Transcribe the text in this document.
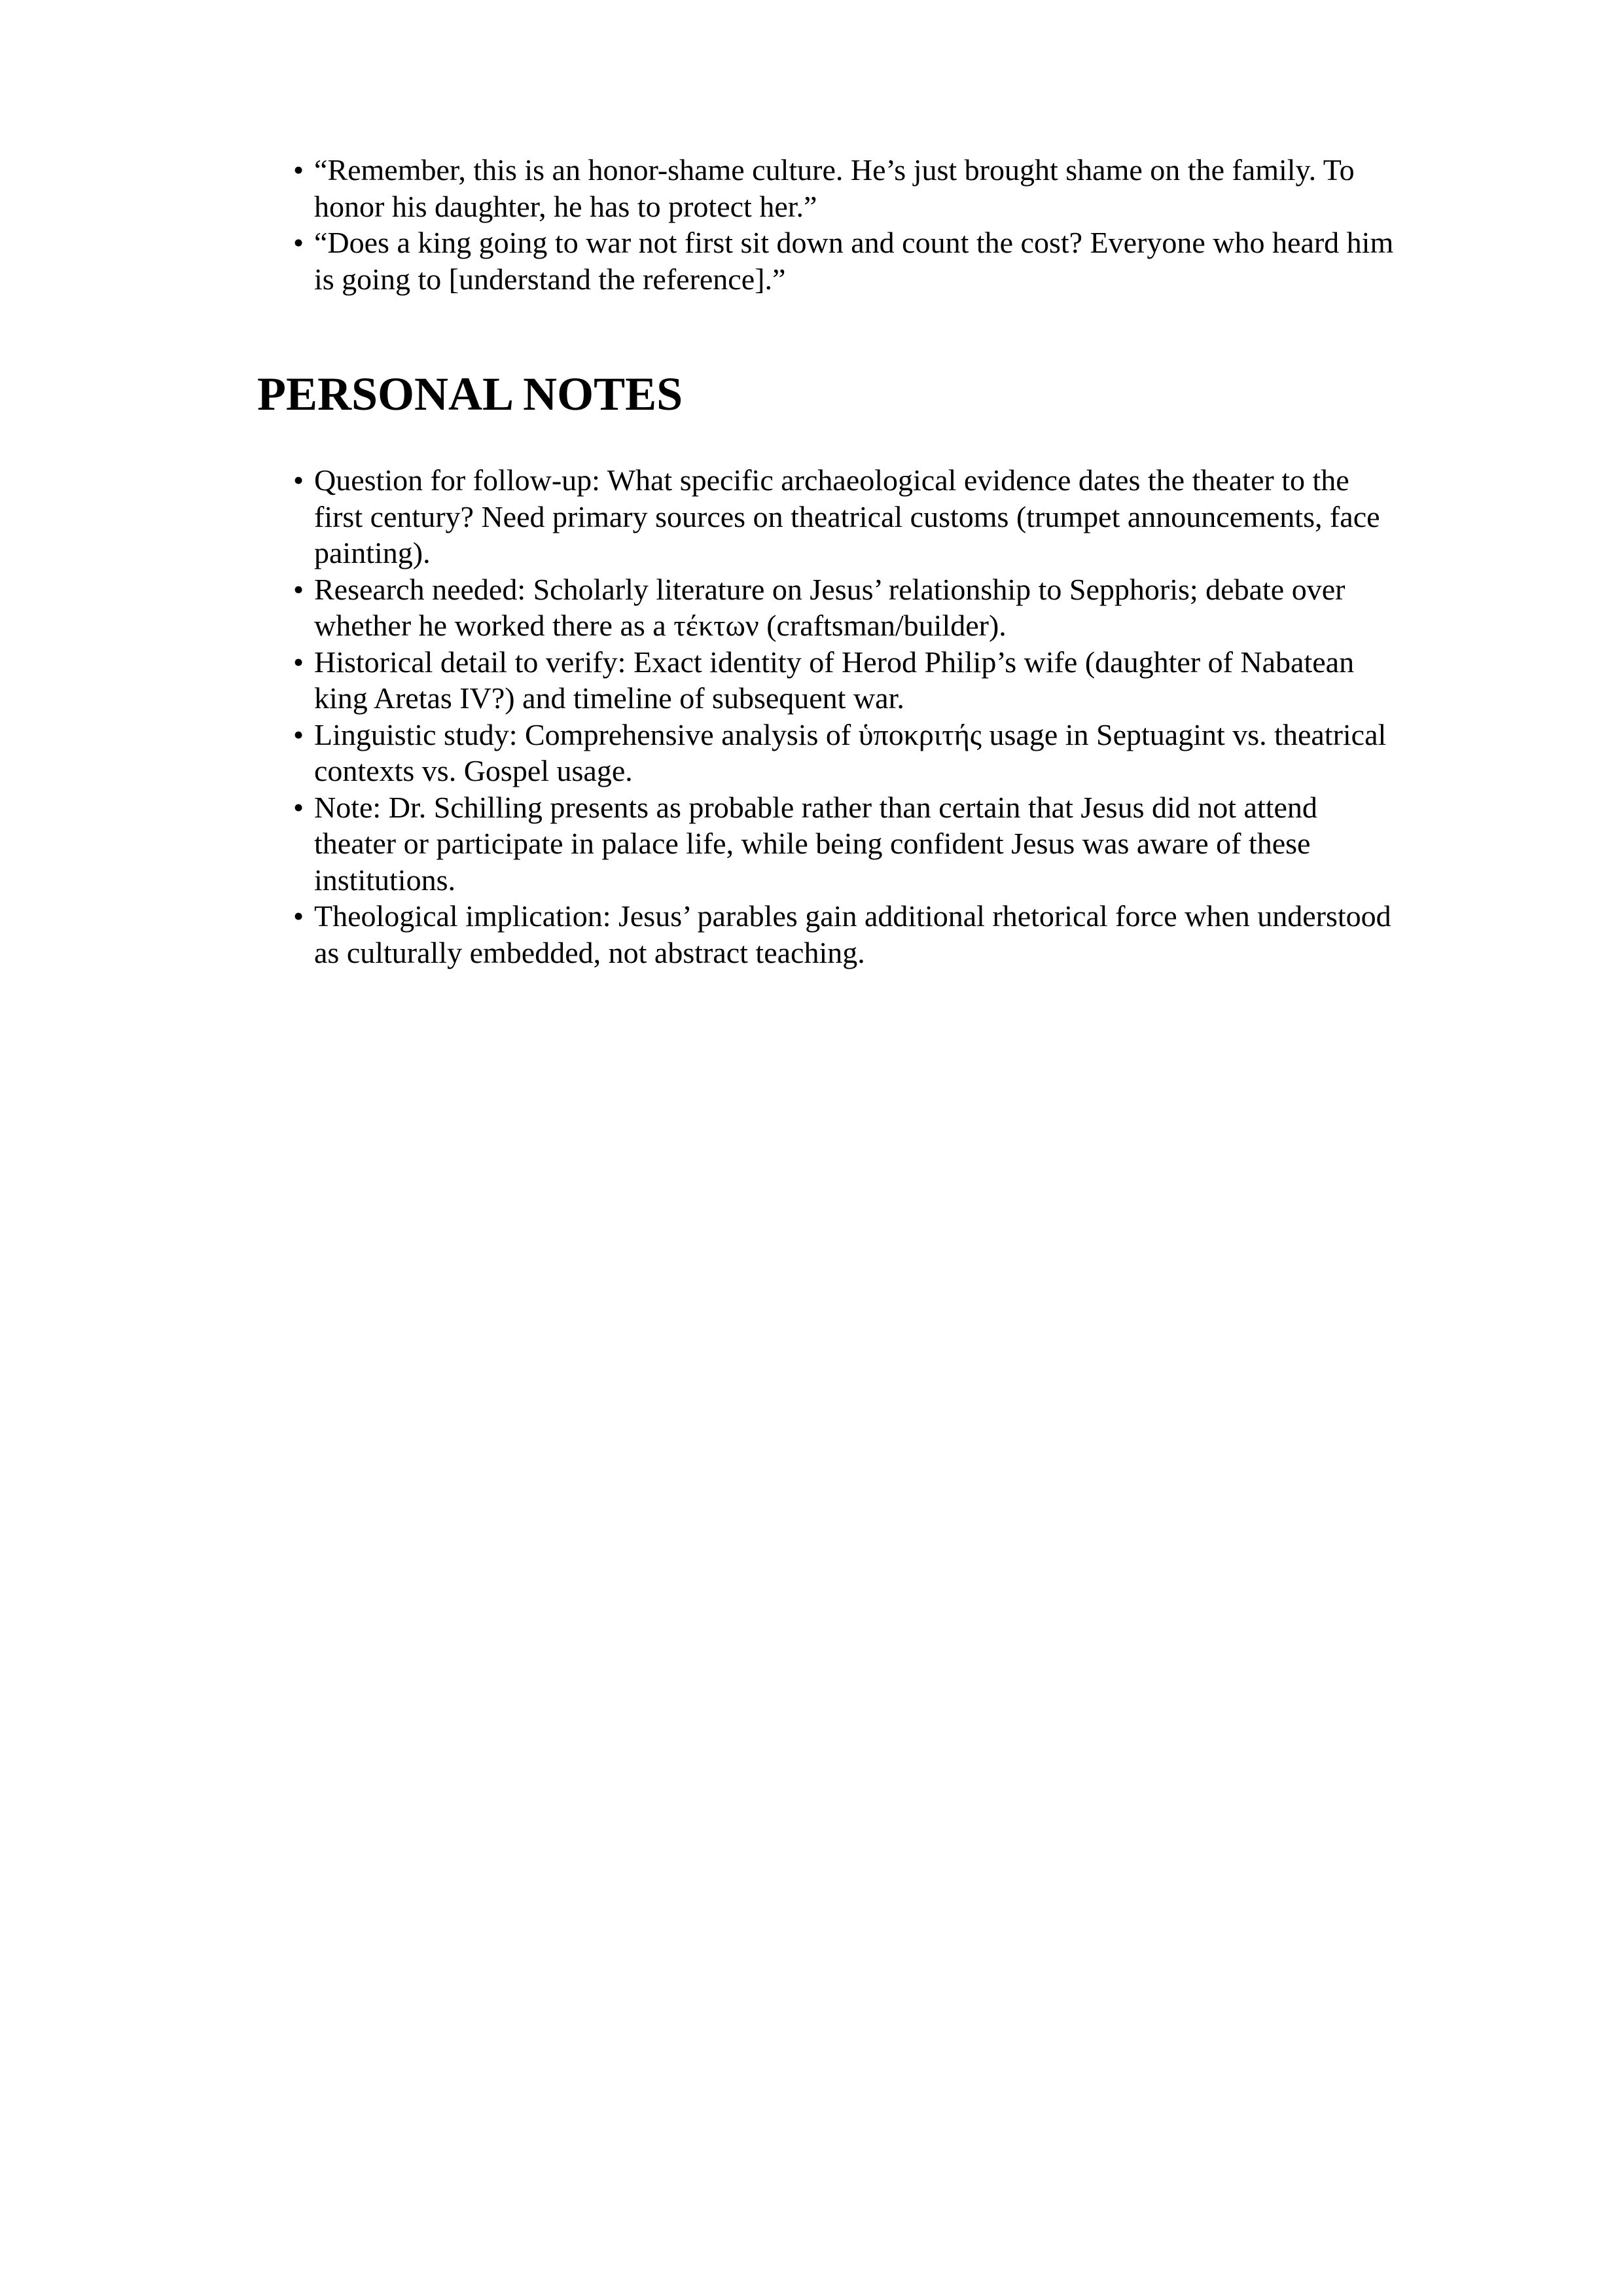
• “Remember, this is an honor-shame culture. He’s just brought shame on the family. To honor his daughter, he has to protect her.”
• “Does a king going to war not first sit down and count the cost? Everyone who heard him is going to [understand the reference].”
PERSONAL NOTES
• Question for follow-up: What specific archaeological evidence dates the theater to the first century? Need primary sources on theatrical customs (trumpet announcements, face painting).
• Research needed: Scholarly literature on Jesus’ relationship to Sepphoris; debate over whether he worked there as a τέκτων (craftsman/builder).
• Historical detail to verify: Exact identity of Herod Philip’s wife (daughter of Nabatean king Aretas IV?) and timeline of subsequent war.
• Linguistic study: Comprehensive analysis of ὑποκριτής usage in Septuagint vs. theatrical contexts vs. Gospel usage.
• Note: Dr. Schilling presents as probable rather than certain that Jesus did not attend theater or participate in palace life, while being confident Jesus was aware of these institutions.
• Theological implication: Jesus’ parables gain additional rhetorical force when understood as culturally embedded, not abstract teaching.
